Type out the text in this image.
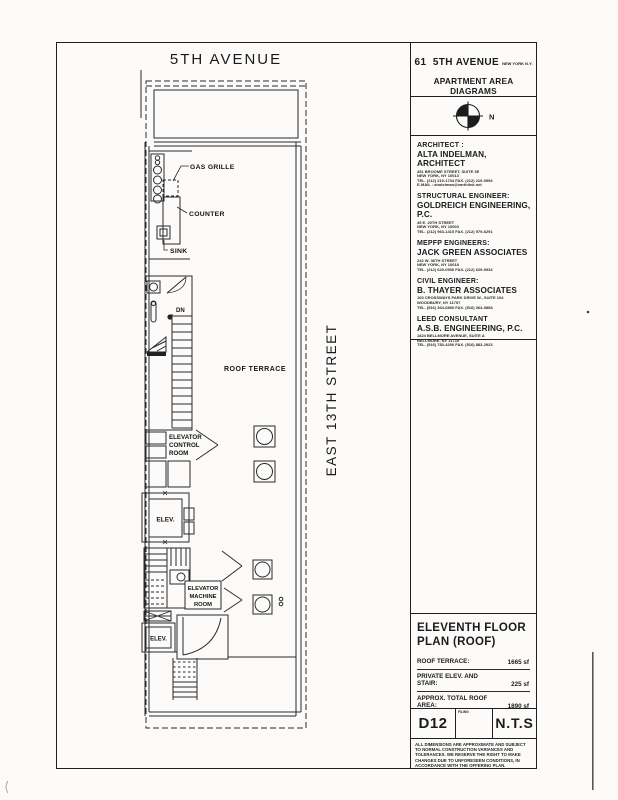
5TH AVENUE
EAST 13TH STREET
GAS GRILLE
COUNTER
SINK
DN
ROOF TERRACE
ELEVATOR
CONTROL
ROOM
ELEV.
ELEVATOR
MACHINE
ROOM
ELEV.
61  5TH AVENUE NEW YORK N.Y.
APARTMENT AREA DIAGRAMS
N
ARCHITECT :
ALTA INDELMAN, ARCHITECT
451 BROOME STREET, SUITE 3E
NEW YORK, NY 10013
TEL. (212) 219-1734 FAX. (212) 219-0994
E-MAIL : aindelman@earthlink.net
STRUCTURAL ENGINEER:
GOLDREICH ENGINEERING, P.C.
45 E. 20TH STREET
NEW YORK, NY 10003
TEL. (212) 963-1410 FAX. (212) 979-6291
MEPFP ENGINEERS:
JACK GREEN ASSOCIATES
242 W. 36TH STREET
NEW YORK, NY 10018
TEL. (212) 629-0930 FAX. (212) 629-0934
CIVIL ENGINEER:
B. THAYER ASSOCIATES
100 CROSSWAYS PARK DRIVE W., SUITE 104
WOODBURY, NY 11797
TEL. (516) 364-0890 FAX. (516) 364-0868
LEED CONSULTANT
A.S.B. ENGINEERING, P.C.
1824 BELLMORE AVENUE, SUITE A
BELLMORE, NY 11710
TEL. (516) 783-4290 FAX. (516) 883-2923
ELEVENTH FLOOR PLAN (ROOF)
ROOF TERRACE:	1665 sf
PRIVATE ELEV. AND STAIR:	225 sf
APPROX. TOTAL ROOF AREA:	1890 sf
D12
FILING
N.T.S
ALL DIMENSIONS ARE APPROXIMATE AND SUBJECT TO NORMAL CONSTRUCTION VARIANCES AND TOLERANCES. WE RESERVE THE RIGHT TO MAKE CHANGES DUE TO UNFORESEEN CONDITIONS, IN ACCORDANCE WITH THE OFFERING PLAN.
